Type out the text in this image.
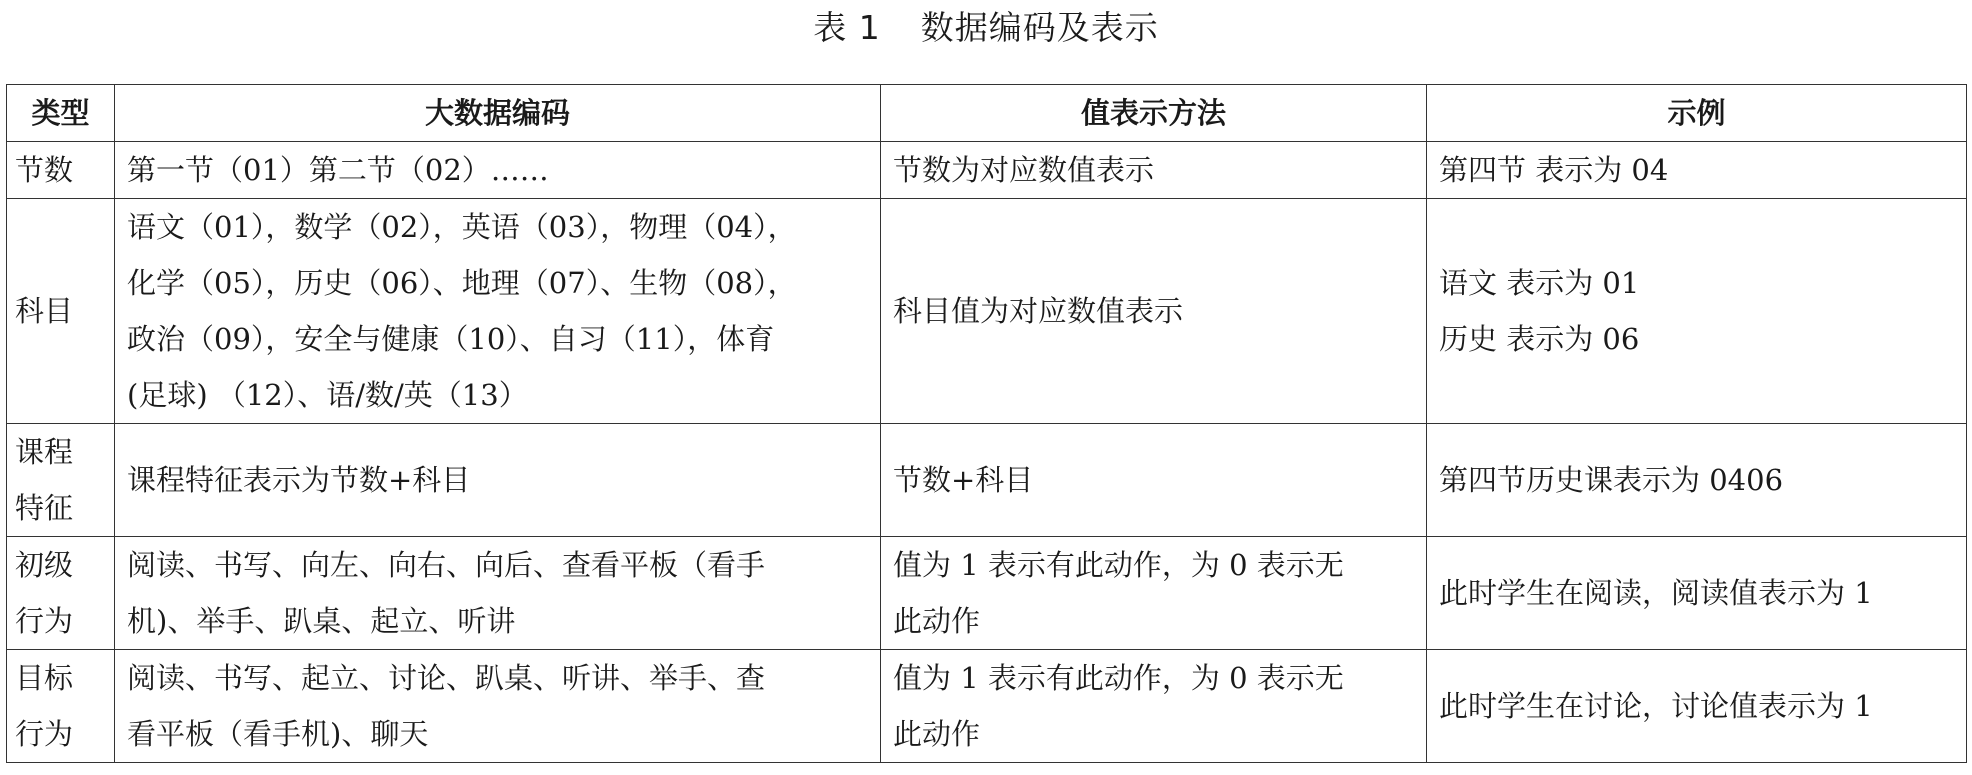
表 1 数据编码及表示
类型	大数据编码	值表示方法	示例

节数	第一节（01）第二节（02）……	节数为对应数值表示	第四节 表示为 04

科目	语文（01），数学（02），英语（03），物理（04），
化学（05），历史（06）、地理（07）、生物（08），
政治（09），安全与健康（10）、自习（11），体育
(足球) （12）、语/数/英（13）	科目值为对应数值表示	语文 表示为 01
历史 表示为 06

课程
特征	课程特征表示为节数+科目	节数+科目	第四节历史课表示为 0406

初级
行为	阅读、书写、向左、向右、向后、查看平板（看手
机)、举手、趴桌、起立、听讲	值为 1 表示有此动作，为 0 表示无
此动作	此时学生在阅读，阅读值表示为 1

目标
行为	阅读、书写、起立、讨论、趴桌、听讲、举手、查
看平板（看手机)、聊天	值为 1 表示有此动作，为 0 表示无
此动作	此时学生在讨论，讨论值表示为 1
